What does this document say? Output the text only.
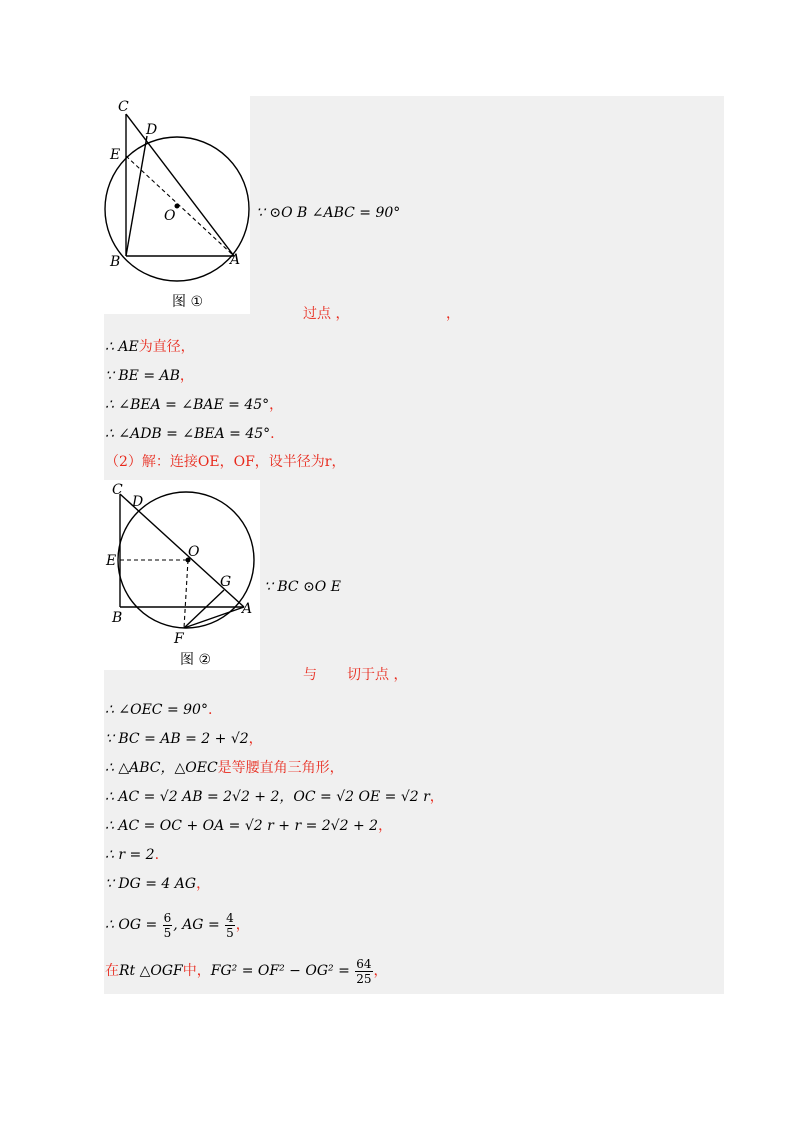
C
D
E
O
B	A
图 ①
∵ ⊙O B ∠ABC = 90°
过点 ，	，
∴ AE为直径，
∵ BE = AB，
∴ ∠BEA = ∠BAE = 45°，
∴ ∠ADB = ∠BEA = 45°.
（2）解：连接OE，OF，设半径为r，
C
D
E
O
G
B
F
A
图 ②
∵ BC ⊙O E
与 切于点 ，
∴ ∠OEC = 90°.
∵ BC = AB = 2 + √2，
∴ △ABC，△OEC是等腰直角三角形，
∴ AC = √2 AB = 2√2 + 2，OC = √2 OE = √2 r，
∴ AC = OC + OA = √2 r + r = 2√2 + 2，
∴ r = 2.
∵ DG = 4 AG，
∴ OG = $\frac{6}{5}$ , AG = $\frac{4}{5}$ ，
在Rt △OGF中，$FG^2 = OF^2 - OG^2 = \frac{64}{25}$ ，
